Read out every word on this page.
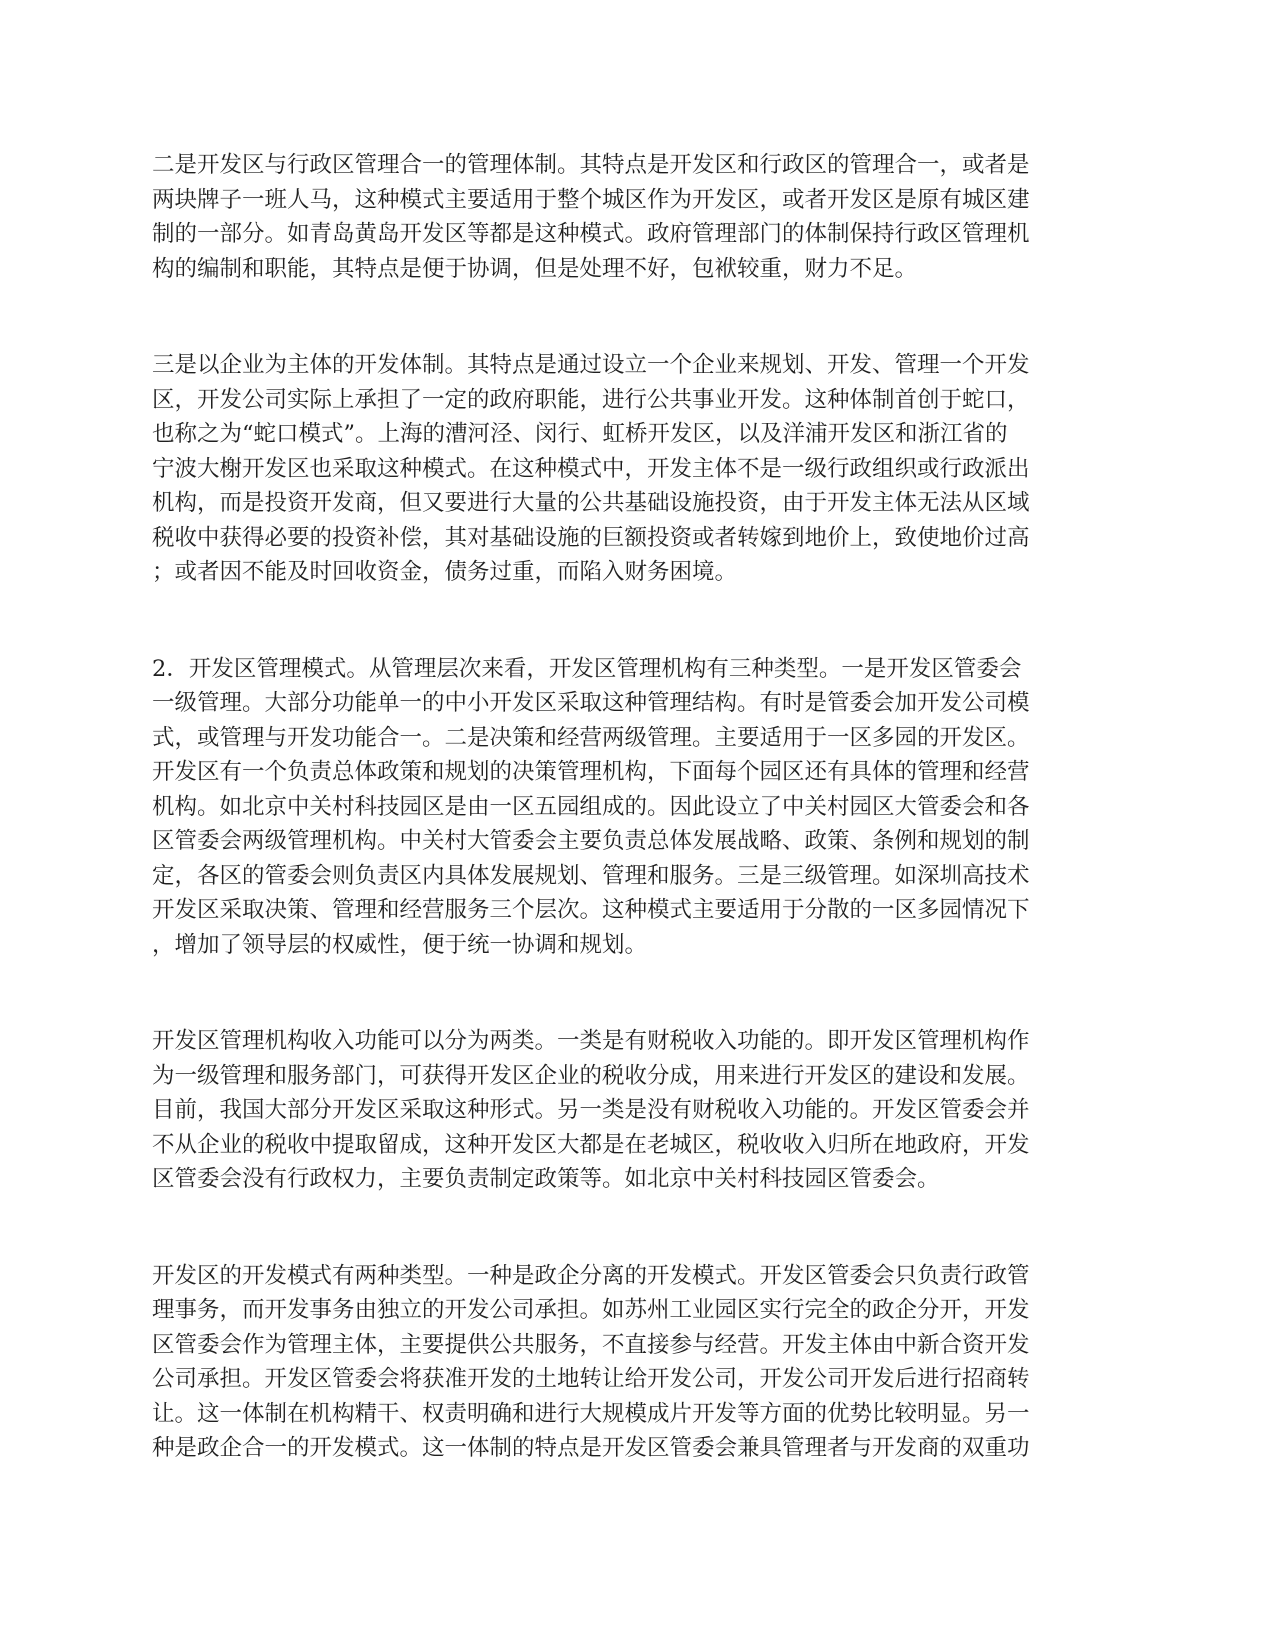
二是开发区与行政区管理合一的管理体制。其特点是开发区和行政区的管理合一，或者是
两块牌子一班人马，这种模式主要适用于整个城区作为开发区，或者开发区是原有城区建
制的一部分。如青岛黄岛开发区等都是这种模式。政府管理部门的体制保持行政区管理机
构的编制和职能，其特点是便于协调，但是处理不好，包袱较重，财力不足。

三是以企业为主体的开发体制。其特点是通过设立一个企业来规划、开发、管理一个开发
区，开发公司实际上承担了一定的政府职能，进行公共事业开发。这种体制首创于蛇口，
也称之为“蛇口模式”。上海的漕河泾、闵行、虹桥开发区，以及洋浦开发区和浙江省的
宁波大榭开发区也采取这种模式。在这种模式中，开发主体不是一级行政组织或行政派出
机构，而是投资开发商，但又要进行大量的公共基础设施投资，由于开发主体无法从区域
税收中获得必要的投资补偿，其对基础设施的巨额投资或者转嫁到地价上，致使地价过高
；或者因不能及时回收资金，债务过重，而陷入财务困境。

2．开发区管理模式。从管理层次来看，开发区管理机构有三种类型。一是开发区管委会
一级管理。大部分功能单一的中小开发区采取这种管理结构。有时是管委会加开发公司模
式，或管理与开发功能合一。二是决策和经营两级管理。主要适用于一区多园的开发区。
开发区有一个负责总体政策和规划的决策管理机构，下面每个园区还有具体的管理和经营
机构。如北京中关村科技园区是由一区五园组成的。因此设立了中关村园区大管委会和各
区管委会两级管理机构。中关村大管委会主要负责总体发展战略、政策、条例和规划的制
定，各区的管委会则负责区内具体发展规划、管理和服务。三是三级管理。如深圳高技术
开发区采取决策、管理和经营服务三个层次。这种模式主要适用于分散的一区多园情况下
，增加了领导层的权威性，便于统一协调和规划。

开发区管理机构收入功能可以分为两类。一类是有财税收入功能的。即开发区管理机构作
为一级管理和服务部门，可获得开发区企业的税收分成，用来进行开发区的建设和发展。
目前，我国大部分开发区采取这种形式。另一类是没有财税收入功能的。开发区管委会并
不从企业的税收中提取留成，这种开发区大都是在老城区，税收收入归所在地政府，开发
区管委会没有行政权力，主要负责制定政策等。如北京中关村科技园区管委会。

开发区的开发模式有两种类型。一种是政企分离的开发模式。开发区管委会只负责行政管
理事务，而开发事务由独立的开发公司承担。如苏州工业园区实行完全的政企分开，开发
区管委会作为管理主体，主要提供公共服务，不直接参与经营。开发主体由中新合资开发
公司承担。开发区管委会将获准开发的土地转让给开发公司，开发公司开发后进行招商转
让。这一体制在机构精干、权责明确和进行大规模成片开发等方面的优势比较明显。另一
种是政企合一的开发模式。这一体制的特点是开发区管委会兼具管理者与开发商的双重功
